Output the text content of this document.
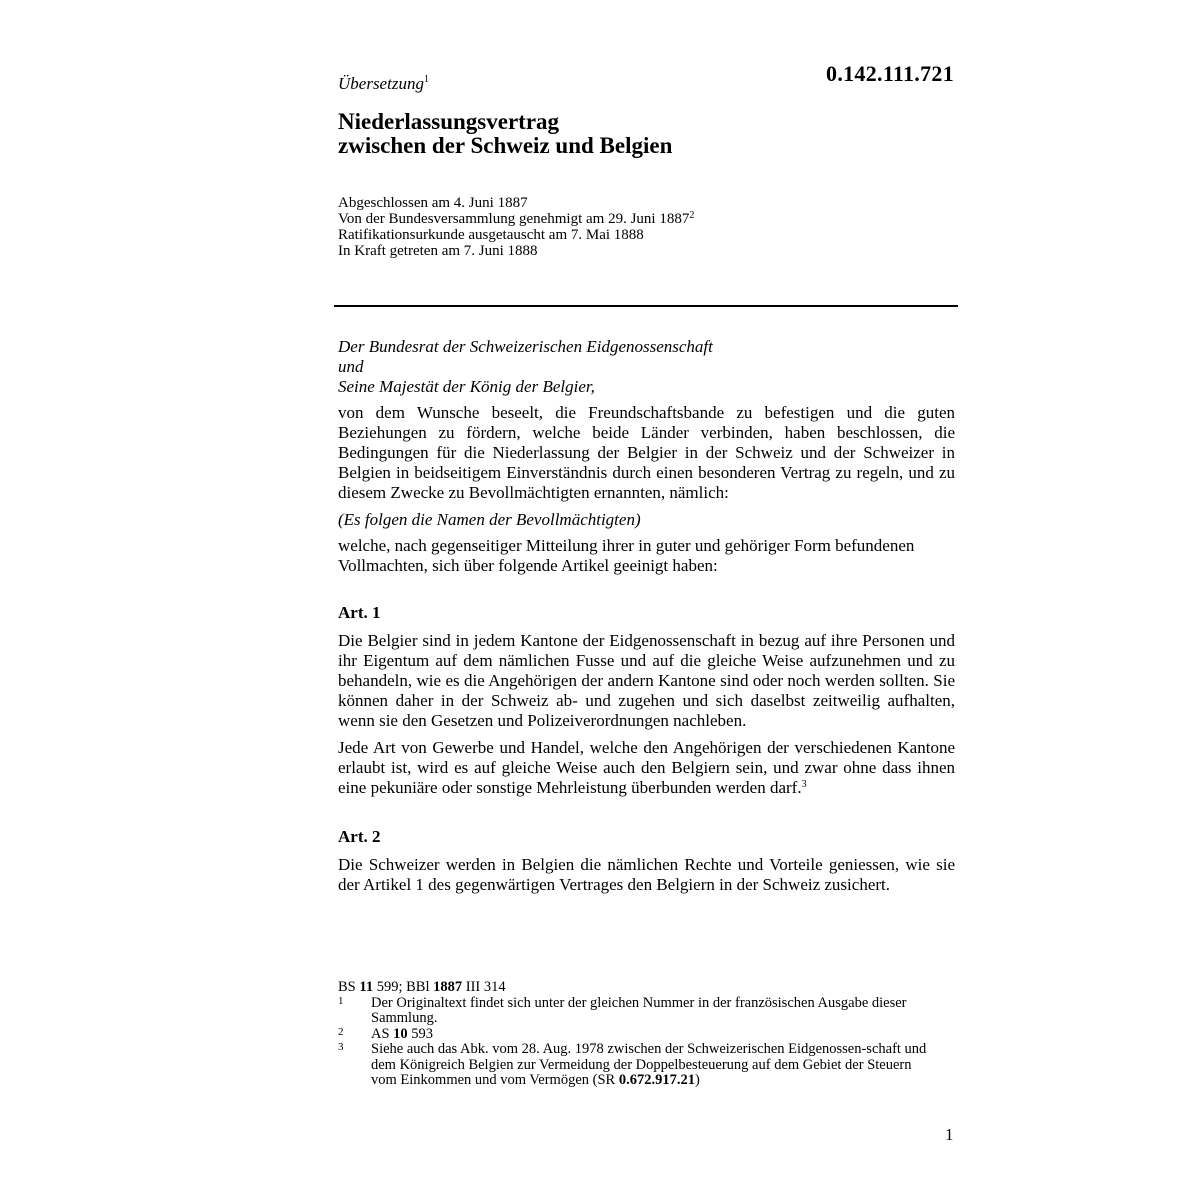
Übersetzung$^1$	0.142.111.721
Niederlassungsvertrag
zwischen der Schweiz und Belgien
Abgeschlossen am 4. Juni 1887
Von der Bundesversammlung genehmigt am 29. Juni 1887$^2$
Ratifikationsurkunde ausgetauscht am 7. Mai 1888
In Kraft getreten am 7. Juni 1888

Der Bundesrat der Schweizerischen Eidgenossenschaft

und

Seine Majestät der König der Belgier,

von dem Wunsche beseelt, die Freundschaftsbande zu befestigen und die guten Beziehungen zu fördern, welche beide Länder verbinden, haben beschlossen, die Bedingungen für die Niederlassung der Belgier in der Schweiz und der Schweizer in Belgien in beidseitigem Einverständnis durch einen besonderen Vertrag zu regeln, und zu diesem Zwecke zu Bevollmächtigten ernannten, nämlich:

(Es folgen die Namen der Bevollmächtigten)

welche, nach gegenseitiger Mitteilung ihrer in guter und gehöriger Form befundenen Vollmachten, sich über folgende Artikel geeinigt haben:

Art. 1

Die Belgier sind in jedem Kantone der Eidgenossenschaft in bezug auf ihre Personen und ihr Eigentum auf dem nämlichen Fusse und auf die gleiche Weise aufzunehmen und zu behandeln, wie es die Angehörigen der andern Kantone sind oder noch werden sollten. Sie können daher in der Schweiz ab- und zugehen und sich daselbst zeitweilig aufhalten, wenn sie den Gesetzen und Polizeiverordnungen nachleben.

Jede Art von Gewerbe und Handel, welche den Angehörigen der verschiedenen Kantone erlaubt ist, wird es auf gleiche Weise auch den Belgiern sein, und zwar ohne dass ihnen eine pekuniäre oder sonstige Mehrleistung überbunden werden darf.$^3$

Art. 2

Die Schweizer werden in Belgien die nämlichen Rechte und Vorteile geniessen, wie sie der Artikel 1 des gegenwärtigen Vertrages den Belgiern in der Schweiz zusichert.

BS 11 599; BBl 1887 III 314
1	Der Originaltext findet sich unter der gleichen Nummer in der französischen Ausgabe dieser Sammlung.
2	AS 10 593
3	Siehe auch das Abk. vom 28. Aug. 1978 zwischen der Schweizerischen Eidgenossen-schaft und dem Königreich Belgien zur Vermeidung der Doppelbesteuerung auf dem Gebiet der Steuern vom Einkommen und vom Vermögen (SR 0.672.917.21)
1
